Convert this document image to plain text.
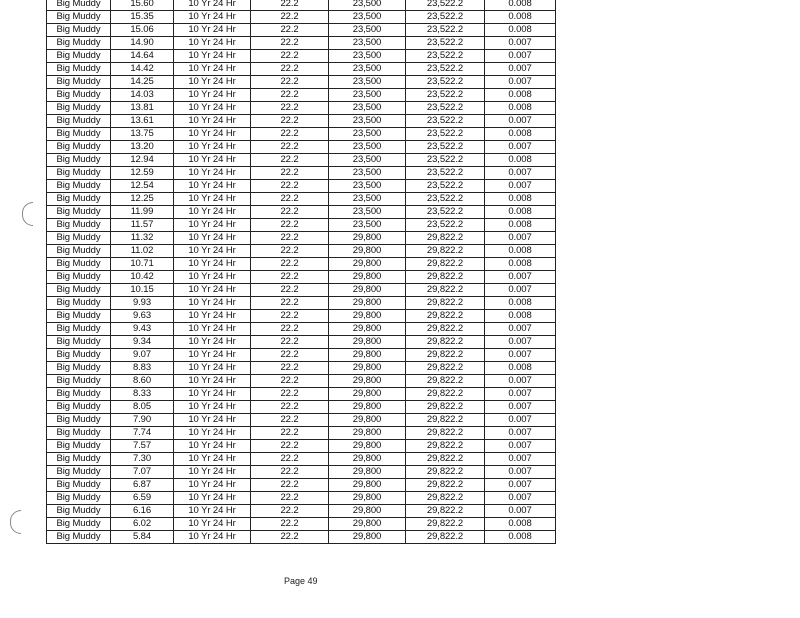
Big Muddy	15.60	10 Yr 24 Hr	22.2	23,500	23,522.2	0.008
Big Muddy	15.35	10 Yr 24 Hr	22.2	23,500	23,522.2	0.008
Big Muddy	15.06	10 Yr 24 Hr	22.2	23,500	23,522.2	0.008
Big Muddy	14.90	10 Yr 24 Hr	22.2	23,500	23,522.2	0.007
Big Muddy	14.64	10 Yr 24 Hr	22.2	23,500	23,522.2	0.007
Big Muddy	14.42	10 Yr 24 Hr	22.2	23,500	23,522.2	0.007
Big Muddy	14.25	10 Yr 24 Hr	22.2	23,500	23,522.2	0.007
Big Muddy	14.03	10 Yr 24 Hr	22.2	23,500	23,522.2	0.008
Big Muddy	13.81	10 Yr 24 Hr	22.2	23,500	23,522.2	0.008
Big Muddy	13.61	10 Yr 24 Hr	22.2	23,500	23,522.2	0.007
Big Muddy	13.75	10 Yr 24 Hr	22.2	23,500	23,522.2	0.008
Big Muddy	13.20	10 Yr 24 Hr	22.2	23,500	23,522.2	0.007
Big Muddy	12.94	10 Yr 24 Hr	22.2	23,500	23,522.2	0.008
Big Muddy	12.59	10 Yr 24 Hr	22.2	23,500	23,522.2	0.007
Big Muddy	12.54	10 Yr 24 Hr	22.2	23,500	23,522.2	0.007
Big Muddy	12.25	10 Yr 24 Hr	22.2	23,500	23,522.2	0.008
Big Muddy	11.99	10 Yr 24 Hr	22.2	23,500	23,522.2	0.008
Big Muddy	11.57	10 Yr 24 Hr	22.2	23,500	23,522.2	0.008
Big Muddy	11.32	10 Yr 24 Hr	22.2	29,800	29,822.2	0.007
Big Muddy	11.02	10 Yr 24 Hr	22.2	29,800	29,822.2	0.008
Big Muddy	10.71	10 Yr 24 Hr	22.2	29,800	29,822.2	0.008
Big Muddy	10.42	10 Yr 24 Hr	22.2	29,800	29,822.2	0.007
Big Muddy	10.15	10 Yr 24 Hr	22.2	29,800	29,822.2	0.007
Big Muddy	9.93	10 Yr 24 Hr	22.2	29,800	29,822.2	0.008
Big Muddy	9.63	10 Yr 24 Hr	22.2	29,800	29,822.2	0.008
Big Muddy	9.43	10 Yr 24 Hr	22.2	29,800	29,822.2	0.007
Big Muddy	9.34	10 Yr 24 Hr	22.2	29,800	29,822.2	0.007
Big Muddy	9.07	10 Yr 24 Hr	22.2	29,800	29,822.2	0.007
Big Muddy	8.83	10 Yr 24 Hr	22.2	29,800	29,822.2	0.008
Big Muddy	8.60	10 Yr 24 Hr	22.2	29,800	29,822.2	0.007
Big Muddy	8.33	10 Yr 24 Hr	22.2	29,800	29,822.2	0.007
Big Muddy	8.05	10 Yr 24 Hr	22.2	29,800	29,822.2	0.007
Big Muddy	7.90	10 Yr 24 Hr	22.2	29,800	29,822.2	0.007
Big Muddy	7.74	10 Yr 24 Hr	22.2	29,800	29,822.2	0.007
Big Muddy	7.57	10 Yr 24 Hr	22.2	29,800	29,822.2	0.007
Big Muddy	7.30	10 Yr 24 Hr	22.2	29,800	29,822.2	0.007
Big Muddy	7.07	10 Yr 24 Hr	22.2	29,800	29,822.2	0.007
Big Muddy	6.87	10 Yr 24 Hr	22.2	29,800	29,822.2	0.007
Big Muddy	6.59	10 Yr 24 Hr	22.2	29,800	29,822.2	0.007
Big Muddy	6.16	10 Yr 24 Hr	22.2	29,800	29,822.2	0.007
Big Muddy	6.02	10 Yr 24 Hr	22.2	29,800	29,822.2	0.008
Big Muddy	5.84	10 Yr 24 Hr	22.2	29,800	29,822.2	0.008
Page 49
